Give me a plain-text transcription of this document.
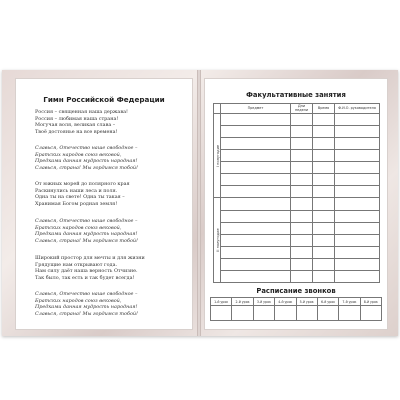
Гимн Российской Федерации
Россия – священная наша держава!
Россия – любимая наша страна!
Могучая воля, великая слава –
Твоё достоянье на все времена!
Славься, Отечество наше свободное –
Братских народов союз вековой,
Предками данная мудрость народная!
Славься, страна! Мы гордимся тобой!
От южных морей до полярного края
Раскинулись наши леса и поля.
Одна ты на свете! Одна ты такая –
Хранимая Богом родная земля!
Славься, Отечество наше свободное –
Братских народов союз вековой,
Предками данная мудрость народная!
Славься, страна! Мы гордимся тобой!
Широкий простор для мечты и для жизни
Грядущие нам открывают года.
Нам силу даёт наша верность Отчизне.
Так было, так есть и так будет всегда!
Славься, Отечество наше свободное –
Братских народов союз вековой,
Предками данная мудрость народная!
Славься, страна! Мы гордимся тобой!
Факультативные занятия
	Предмет	Дни недели	Время	Ф.И.О. руководителя

I полугодие				

II полугодие				

Расписание звонков
1-й урок	2-й урок	3-й урок	4-й урок	5-й урок	6-й урок	7-й урок	8-й урок
